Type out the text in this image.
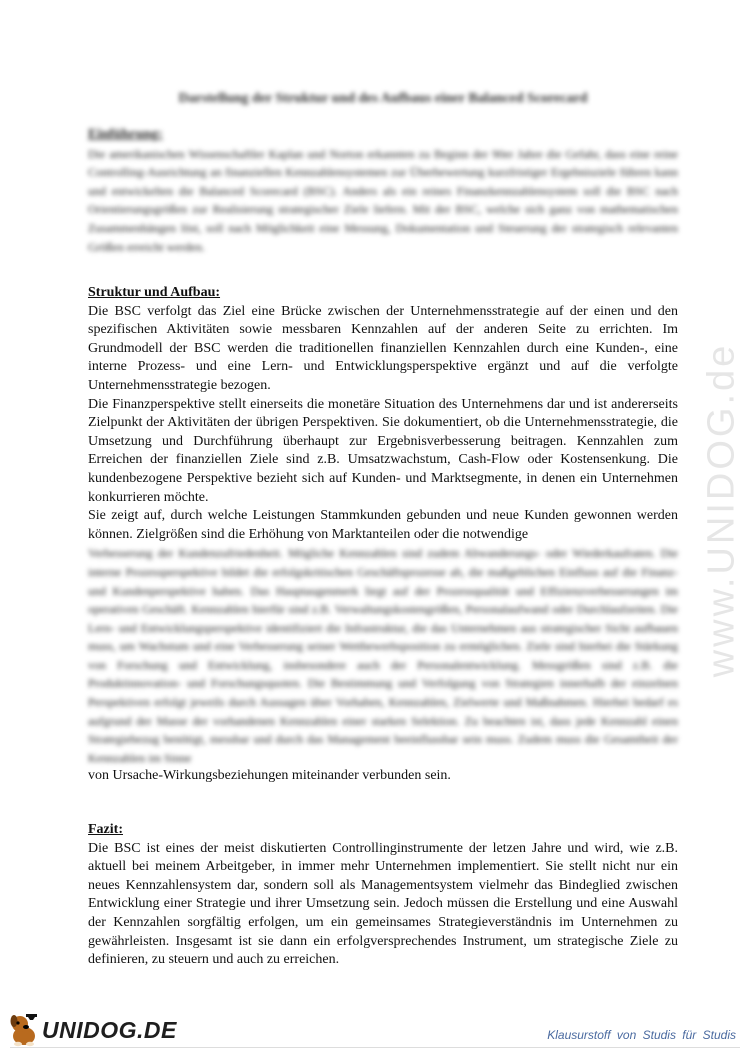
Darstellung der Struktur und des Aufbaus einer Balanced Scorecard
Einführung:

Die amerikanischen Wissenschaftler Kaplan und Norton erkannten zu Beginn der 90er Jahre die Gefahr, dass eine reine Controlling-Ausrichtung an finanziellen Kennzahlensystemen zur Überbewertung kurzfristiger Ergebnisziele führen kann und entwickelten die Balanced Scorecard (BSC). Anders als ein reines Finanzkennzahlensystem soll die BSC nach Orientierungsgrößen zur Realisierung strategischer Ziele liefern. Mit der BSC, welche sich ganz von mathematischen Zusammenhängen löst, soll nach Möglichkeit eine Messung, Dokumentation und Steuerung der strategisch relevanten Größen erreicht werden.

Struktur und Aufbau:

Die BSC verfolgt das Ziel eine Brücke zwischen der Unternehmensstrategie auf der einen und den spezifischen Aktivitäten sowie messbaren Kennzahlen auf der anderen Seite zu errichten. Im Grundmodell der BSC werden die traditionellen finanziellen Kennzahlen durch eine Kunden-, eine interne Prozess- und eine Lern- und Entwicklungsperspektive ergänzt und auf die verfolgte Unternehmensstrategie bezogen.

Die Finanzperspektive stellt einerseits die monetäre Situation des Unternehmens dar und ist andererseits Zielpunkt der Aktivitäten der übrigen Perspektiven. Sie dokumentiert, ob die Unternehmensstrategie, die Umsetzung und Durchführung überhaupt zur Ergebnisverbesserung beitragen. Kennzahlen zum Erreichen der finanziellen Ziele sind z.B. Umsatzwachstum, Cash-Flow oder Kostensenkung. Die kundenbezogene Perspektive bezieht sich auf Kunden- und Marktsegmente, in denen ein Unternehmen konkurrieren möchte.

Sie zeigt auf, durch welche Leistungen Stammkunden gebunden und neue Kunden gewonnen werden können. Zielgrößen sind die Erhöhung von Marktanteilen oder die notwendige

Verbesserung der Kundenzufriedenheit. Mögliche Kennzahlen sind zudem Abwanderungs- oder Wiederkaufraten. Die interne Prozessperspektive bildet die erfolgskritischen Geschäftsprozesse ab, die maßgeblichen Einfluss auf die Finanz- und Kundenperspektive haben. Das Hauptaugenmerk liegt auf der Prozessqualität und Effizienzverbesserungen im operativen Geschäft. Kennzahlen hierfür sind z.B. Verwaltungskostengrößen, Personalaufwand oder Durchlaufzeiten. Die Lern- und Entwicklungsperspektive identifiziert die Infrastruktur, die das Unternehmen aus strategischer Sicht aufbauen muss, um Wachstum und eine Verbesserung seiner Wettbewerbsposition zu ermöglichen. Ziele sind hierbei die Stärkung von Forschung und Entwicklung, insbesondere auch der Personalentwicklung. Messgrößen sind z.B. die Produktinnovation- und Forschungsquoten. Die Bestimmung und Verfolgung von Strategien innerhalb der einzelnen Perspektiven erfolgt jeweils durch Aussagen über Vorhaben, Kennzahlen, Zielwerte und Maßnahmen. Hierbei bedarf es aufgrund der Masse der vorhandenen Kennzahlen einer starken Selektion. Zu beachten ist, dass jede Kennzahl einen Strategiebezug benötigt, messbar und durch das Management beeinflussbar sein muss. Zudem muss die Gesamtheit der Kennzahlen im Sinne

von Ursache-Wirkungsbeziehungen miteinander verbunden sein.

Fazit:

Die BSC ist eines der meist diskutierten Controllinginstrumente der letzen Jahre und wird, wie z.B. aktuell bei meinem Arbeitgeber, in immer mehr Unternehmen implementiert. Sie stellt nicht nur ein neues Kennzahlensystem dar, sondern soll als Managementsystem vielmehr das Bindeglied zwischen Entwicklung einer Strategie und ihrer Umsetzung sein. Jedoch müssen die Erstellung und eine Auswahl der Kennzahlen sorgfältig erfolgen, um ein gemeinsames Strategieverständnis im Unternehmen zu gewährleisten. Insgesamt ist sie dann ein erfolgversprechendes Instrument, um strategische Ziele zu definieren, zu steuern und auch zu erreichen.

www.UNIDOG.de
UNIDOG.DE	Klausurstoff von Studis für Studis
